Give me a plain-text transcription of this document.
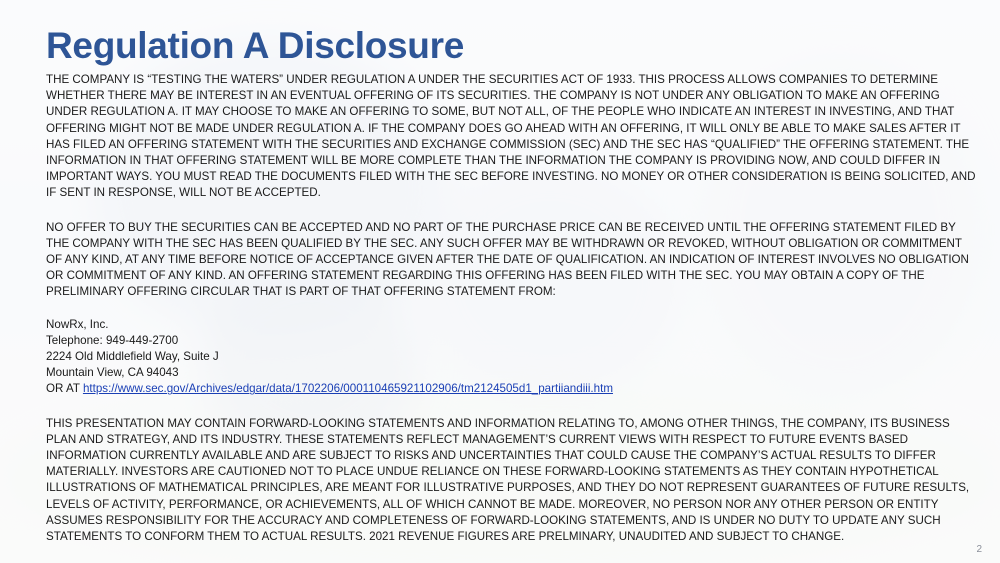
Regulation A Disclosure

THE COMPANY IS “TESTING THE WATERS” UNDER REGULATION A UNDER THE SECURITIES ACT OF 1933. THIS PROCESS ALLOWS COMPANIES TO DETERMINE WHETHER THERE MAY BE INTEREST IN AN EVENTUAL OFFERING OF ITS SECURITIES. THE COMPANY IS NOT UNDER ANY OBLIGATION TO MAKE AN OFFERING UNDER REGULATION A. IT MAY CHOOSE TO MAKE AN OFFERING TO SOME, BUT NOT ALL, OF THE PEOPLE WHO INDICATE AN INTEREST IN INVESTING, AND THAT OFFERING MIGHT NOT BE MADE UNDER REGULATION A. IF THE COMPANY DOES GO AHEAD WITH AN OFFERING, IT WILL ONLY BE ABLE TO MAKE SALES AFTER IT HAS FILED AN OFFERING STATEMENT WITH THE SECURITIES AND EXCHANGE COMMISSION (SEC) AND THE SEC HAS “QUALIFIED” THE OFFERING STATEMENT. THE INFORMATION IN THAT OFFERING STATEMENT WILL BE MORE COMPLETE THAN THE INFORMATION THE COMPANY IS PROVIDING NOW, AND COULD DIFFER IN IMPORTANT WAYS. YOU MUST READ THE DOCUMENTS FILED WITH THE SEC BEFORE INVESTING. NO MONEY OR OTHER CONSIDERATION IS BEING SOLICITED, AND IF SENT IN RESPONSE, WILL NOT BE ACCEPTED.

NO OFFER TO BUY THE SECURITIES CAN BE ACCEPTED AND NO PART OF THE PURCHASE PRICE CAN BE RECEIVED UNTIL THE OFFERING STATEMENT FILED BY THE COMPANY WITH THE SEC HAS BEEN QUALIFIED BY THE SEC. ANY SUCH OFFER MAY BE WITHDRAWN OR REVOKED, WITHOUT OBLIGATION OR COMMITMENT OF ANY KIND, AT ANY TIME BEFORE NOTICE OF ACCEPTANCE GIVEN AFTER THE DATE OF QUALIFICATION. AN INDICATION OF INTEREST INVOLVES NO OBLIGATION OR COMMITMENT OF ANY KIND. AN OFFERING STATEMENT REGARDING THIS OFFERING HAS BEEN FILED WITH THE SEC. YOU MAY OBTAIN A COPY OF THE PRELIMINARY OFFERING CIRCULAR THAT IS PART OF THAT OFFERING STATEMENT FROM:

NowRx, Inc.

Telephone: 949-449-2700

2224 Old Middlefield Way, Suite J

Mountain View, CA 94043

OR AT https://www.sec.gov/Archives/edgar/data/1702206/000110465921102906/tm2124505d1_partiiandiii.htm

THIS PRESENTATION MAY CONTAIN FORWARD-LOOKING STATEMENTS AND INFORMATION RELATING TO, AMONG OTHER THINGS, THE COMPANY, ITS BUSINESS PLAN AND STRATEGY, AND ITS INDUSTRY. THESE STATEMENTS REFLECT MANAGEMENT’S CURRENT VIEWS WITH RESPECT TO FUTURE EVENTS BASED INFORMATION CURRENTLY AVAILABLE AND ARE SUBJECT TO RISKS AND UNCERTAINTIES THAT COULD CAUSE THE COMPANY’S ACTUAL RESULTS TO DIFFER MATERIALLY. INVESTORS ARE CAUTIONED NOT TO PLACE UNDUE RELIANCE ON THESE FORWARD-LOOKING STATEMENTS AS THEY CONTAIN HYPOTHETICAL ILLUSTRATIONS OF MATHEMATICAL PRINCIPLES, ARE MEANT FOR ILLUSTRATIVE PURPOSES, AND THEY DO NOT REPRESENT GUARANTEES OF FUTURE RESULTS, LEVELS OF ACTIVITY, PERFORMANCE, OR ACHIEVEMENTS, ALL OF WHICH CANNOT BE MADE. MOREOVER, NO PERSON NOR ANY OTHER PERSON OR ENTITY ASSUMES RESPONSIBILITY FOR THE ACCURACY AND COMPLETENESS OF FORWARD-LOOKING STATEMENTS, AND IS UNDER NO DUTY TO UPDATE ANY SUCH STATEMENTS TO CONFORM THEM TO ACTUAL RESULTS. 2021 REVENUE FIGURES ARE PRELMINARY, UNAUDITED AND SUBJECT TO CHANGE.

2
